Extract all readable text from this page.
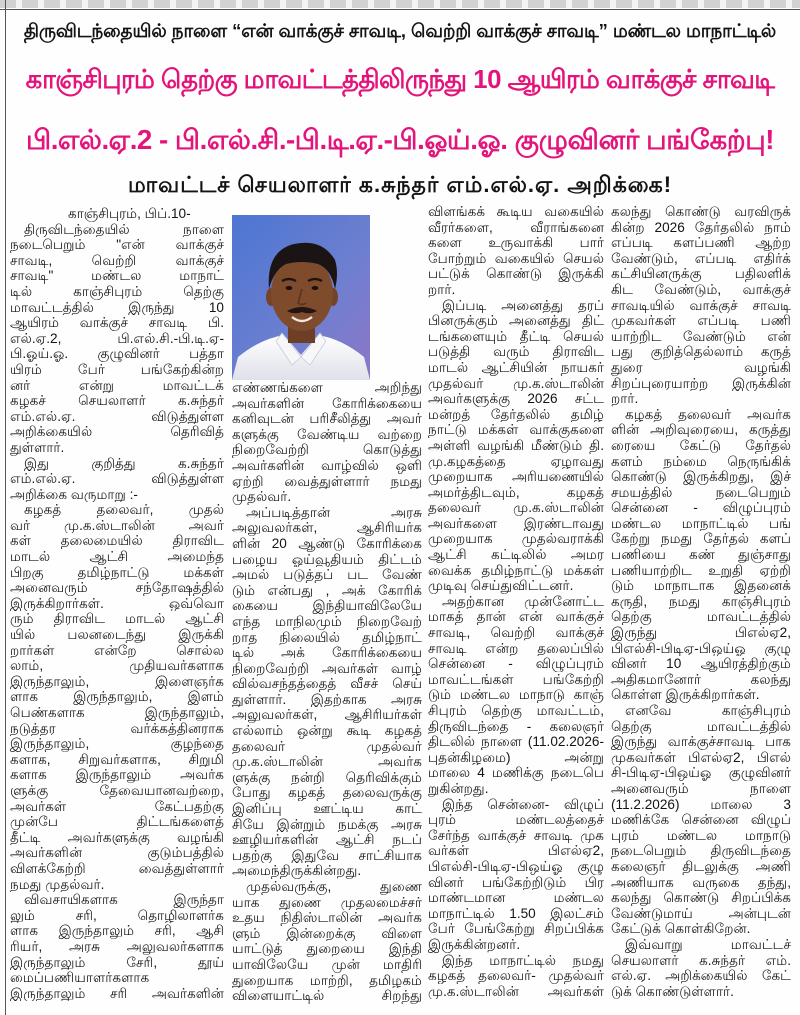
திருவிடந்தையில் நாளை “என் வாக்குச் சாவடி, வெற்றி வாக்குச் சாவடி” மண்டல மாநாட்டில்
காஞ்சிபுரம் தெற்கு மாவட்டத்திலிருந்து 10 ஆயிரம் வாக்குச் சாவடி
பி.எல்.ஏ.2 - பி.எல்.சி.-பி.டி.ஏ.-பி.ஓய்.ஓ. குழுவினர் பங்கேற்பு!
மாவட்டச் செயலாளர் க.சுந்தர் எம்.எல்.ஏ. அறிக்கை!
காஞ்சிபுரம், பிப்.10-
திருவிடந்தையில் நாளை
நடைபெறும் "என் வாக்குச்
சாவடி, வெற்றி வாக்குச்
சாவடி" மண்டல மாநாட்
டில் காஞ்சிபுரம் தெற்கு
மாவட்டத்தில் இருந்து 10
ஆயிரம் வாக்குச் சாவடி பி.
எல்.ஏ.2, பி.எல்.சி.-பி.டி.ஏ-
பி.ஓய்.ஓ. குழுவினர் பத்தா
யிரம் பேர் பங்கேற்கின்ற
னர் என்று மாவட்டக்
கழகச் செயலாளர் க.சுந்தர்
எம்.எல்.ஏ. விடுத்துள்ள
அறிக்கையில் தெரிவித்
துள்ளார்.
இது குறித்து க.சுந்தர்
எம்.எல்.ஏ. விடுத்துள்ள
அறிக்கை வருமாறு :-
கழகத் தலைவர், முதல்
வர் மு.க.ஸ்டாலின் அவர்
கள் தலைமையில் திராவிட
மாடல் ஆட்சி அமைந்த
பிறகு தமிழ்நாட்டு மக்கள்
அனைவரும் சந்தோஷத்தில்
இருக்கிறார்கள். ஒவ்வொ
ரும் திராவிட மாடல் ஆட்சி
யில் பலனடைந்து இருக்கி
றார்கள் என்றே சொல்ல
லாம், முதியவர்களாக
இருந்தாலும், இளைஞர்க
ளாக இருந்தாலும், இளம்
பெண்களாக இருந்தாலும்,
நடுத்தர வர்க்கத்தினராக
இருந்தாலும், குழந்தை
களாக, சிறுவர்களாக, சிறுமி
களாக இருந்தாலும் அவர்க
ளுக்கு தேவையானவற்றை,
அவர்கள் கேட்பதற்கு
முன்பே திட்டங்களைத்
தீட்டி அவர்களுக்கு வழங்கி
அவர்களின் குடும்பத்தில்
விளக்கேற்றி வைத்துள்ளார்
நமது முதல்வர்.
விவசாயிகளாக இருந்தா
லும் சரி, தொழிலாளர்க
ளாக இருந்தாலும் சரி, ஆசி
ரியர், அரசு அலுவலர்களாக
இருந்தாலும் சேரி, தூய்
மைப்பணியாளர்களாக
இருந்தாலும் சரி அவர்களின்
எண்ணங்களை அறிந்து
அவர்களின் கோரிக்கையை
கனிவுடன் பரிசீலித்து அவர்
களுக்கு வேண்டிய வற்றை
நிறைவேற்றி கொடுத்து
அவர்களின் வாழ்வில் ஒளி
ஏற்றி வைத்துள்ளார் நமது
முதல்வர்.
அப்படித்தான் அரசு
அலுவலர்கள், ஆசிரியர்க
ளின் 20 ஆண்டு கோரிக்கை
பழைய ஓய்வூதியம் திட்டம்
அமல் படுத்தப் பட வேண்
டும் என்பது , அக் கோரிக்
கையை இந்தியாவிலேயே
எந்த மாநிலமும் நிறைவேற்
றாத நிலையில் தமிழ்நாட்
டில் அக் கோரிக்கையை
நிறைவேற்றி அவர்கள் வாழ்
வில்வசந்தத்தைத் வீசச் செய்
துள்ளார். இதற்காக அரசு
அலுவலர்கள், ஆசிரியர்கள்
எல்லாம் ஒன்று கூடி கழகத்
தலைவர் முதல்வர்
மு.க.ஸ்டாலின் அவர்க
ளுக்கு நன்றி தெரிவிக்கும்
போது கழகத் தலைவருக்கு
இனிப்பு ஊட்டிய காட்
சியே இன்றும் நமக்கு அரசு
ஊழியர்களின் ஆட்சி நடப்
பதற்கு இதுவே சாட்சியாக
அமைந்திருக்கின்றது.
முதல்வருக்கு, துணை
யாக துணை முதலமைச்சர்
உதய நிதிஸ்டாலின் அவர்க
ளும் இன்றைக்கு விளை
யாட்டுத் துறையை இந்தி
யாவிலேயே முன் மாதிரி
துறையாக மாற்றி, தமிழகம்
விளையாட்டில் சிறந்து
விளங்கக் கூடிய வகையில்
வீரர்களை, வீராங்கனை
களை உருவாக்கி பார்
போற்றும் வகையில் செயல்
பட்டுக் கொண்டு இருக்கி
றார்.
இப்படி அனைத்து தரப்
பினருக்கும் அனைத்து திட்
டங்களையும் தீட்டி செயல்
படுத்தி வரும் திராவிட
மாடல் ஆட்சியின் நாயகர்
முதல்வர் மு.க.ஸ்டாலின்
அவர்களுக்கு 2026 சட்ட
மன்றத் தேர்தலில் தமிழ்
நாட்டு மக்கள் வாக்குகளை
அள்ளி வழங்கி மீண்டும் தி.
மு.கழகத்தை ஏழாவது
முறையாக அரியணையில்
அமர்த்திடவும், கழகத்
தலைவர் மு.க.ஸ்டாலின்
அவர்களை இரண்டாவது
முறையாக முதல்வராக்கி
ஆட்சி கட்டிலில் அமர
வைக்க தமிழ்நாட்டு மக்கள்
முடிவு செய்துவிட்டனர்.
அதற்கான முன்னோட்ட
மாகத் தான் என் வாக்குச்
சாவடி, வெற்றி வாக்குச்
சாவடி என்ற தலைப்பில்
சென்னை - விழுப்புரம்
மாவட்டங்கள் பங்கேற்றி
டும் மண்டல மாநாடு காஞ்
சிபுரம் தெற்கு மாவட்டம்,
திருவிடந்தை - கலைஞர்
திடலில் நாளை (11.02.2026-
புதன்கிழமை) அன்று
மாலை 4 மணிக்கு நடைபெ
றுகின்றது.
இந்த சென்னை- விழுப்
புரம் மண்டலத்தைச்
சேர்ந்த வாக்குச் சாவடி முக
வர்கள் பிஎல்ஏ2,
பிஎல்சி-பிடிஏ-பிஒய்ஓ குழு
வினர் பங்கேற்றிடும் பிர
மாண்டமான மண்டல
மாநாட்டில் 1.50 இலட்சம்
பேர் பேங்கேற்று சிறப்பிக்க
இருக்கின்றனர்.
இந்த மாநாட்டில் நமது
கழகத் தலைவர்- முதல்வர்
மு.க.ஸ்டாலின் அவர்கள்
கலந்து கொண்டு வரவிருக்
கின்ற 2026 தேர்தலில் நாம்
எப்படி களப்பணி ஆற்ற
வேண்டும், எப்படி எதிர்க்
கட்சியினருக்கு பதிலளிக்
கிட வேண்டும், வாக்குச்
சாவடியில் வாக்குச் சாவடி
முகவர்கள் எப்படி பணி
யாற்றிட வேண்டும் என்
பது குறித்தெல்லாம் கருத்
துரை வழங்கி
சிறப்புரையாற்ற இருக்கின்
றார்.
கழகத் தலைவர் அவர்க
ளின் அறிவுரையை, கருத்து
ரையை கேட்டு தேர்தல்
களம் நம்மை நெருங்கிக்
கொண்டு இருக்கிறது, இச்
சமயத்தில் நடைபெறும்
சென்னை - விழுப்புரம்
மண்டல மாநாட்டில் பங்
கேற்று நமது தேர்தல் களப்
பணியை கண் துஞ்சாது
பணியாற்றிட உறுதி ஏற்றி
டும் மாநாடாக இதனைக்
கருதி, நமது காஞ்சிபுரம்
தெற்கு மாவட்டத்தில்
இருந்து பிஎல்ஏ2,
பிஎல்சி-பிடிஏ-பிஒய்ஓ குழு
வினர் 10 ஆயிரத்திற்கும்
அதிகமானோர் கலந்து
கொள்ள இருக்கிறார்கள்.
எனவே காஞ்சிபுரம்
தெற்கு மாவட்டத்தில்
இருந்து வாக்குச்சாவடி பாக
முகவர்கள் பிஎல்ஏ2, பிஎல்
சி-பிடிஏ-பிஒய்ஓ குழுவினர்
அனைவரும் நாளை
(11.2.2026) மாலை 3
மணிக்கே சென்னை விழுப்
புரம் மண்டல மாநாடு
நடைபெறும் திருவிடந்தை
கலைஞர் திடலுக்கு அணி
அணியாக வருகை தந்து,
கலந்து கொண்டு சிறப்பிக்க
வேண்டுமாய் அன்புடன்
கேட்டுக் கொள்கிறேன்.
இவ்வாறு மாவட்டச்
செயலாளர் க.சுந்தர் எம்.
எல்.ஏ. அறிக்கையில் கேட்
டுக் கொண்டுள்ளார்.
